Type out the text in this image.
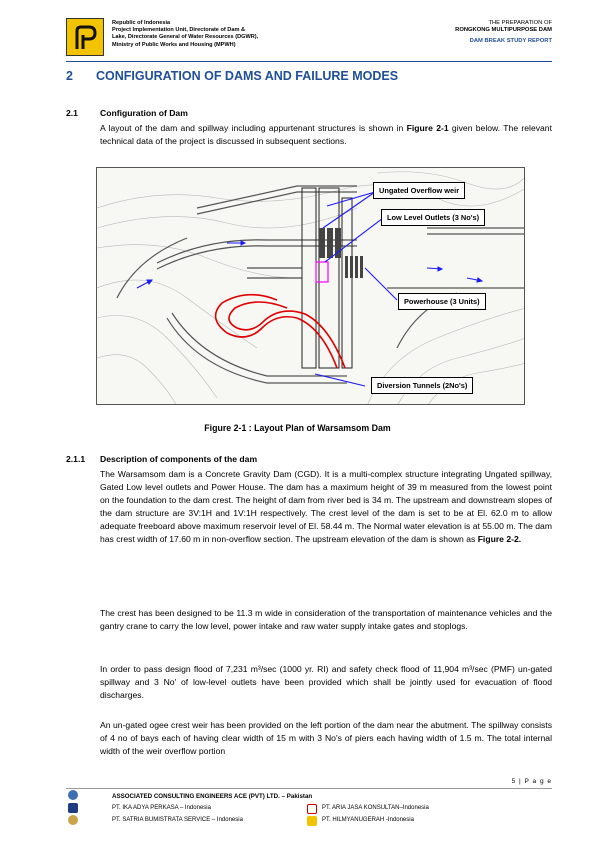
Republic of Indonesia
Project Implementation Unit, Directorate of Dam &
Lake, Directorate General of Water Resources (DGWR),
Ministry of Public Works and Housing (MPWH)
THE PREPARATION OF
RONGKONG MULTIPURPOSE DAM
DAM BREAK STUDY REPORT
2 CONFIGURATION OF DAMS AND FAILURE MODES
2.1	Configuration of Dam
A layout of the dam and spillway including appurtenant structures is shown in Figure 2-1 given below. The relevant technical data of the project is discussed in subsequent sections.
Ungated Overflow weir
Low Level Outlets (3 No's)
Powerhouse (3 Units)
Diversion Tunnels (2No's)
Figure 2-1 : Layout Plan of Warsamsom Dam
2.1.1 Description of components of the dam
The Warsamsom dam is a Concrete Gravity Dam (CGD). It is a multi-complex structure integrating Ungated spillway, Gated Low level outlets and Power House. The dam has a maximum height of 39 m measured from the lowest point on the foundation to the dam crest. The height of dam from river bed is 34 m. The upstream and downstream slopes of the dam structure are 3V:1H and 1V:1H respectively. The crest level of the dam is set to be at El. 62.0 m to allow adequate freeboard above maximum reservoir level of El. 58.44 m. The Normal water elevation is at 55.00 m. The dam has crest width of 17.60 m in non-overflow section. The upstream elevation of the dam is shown as Figure 2-2.
The crest has been designed to be 11.3 m wide in consideration of the transportation of maintenance vehicles and the gantry crane to carry the low level, power intake and raw water supply intake gates and stoplogs.
In order to pass design flood of 7,231 m³/sec (1000 yr. RI) and safety check flood of 11,904 m³/sec (PMF) un-gated spillway and 3 No' of low-level outlets have been provided which shall be jointly used for evacuation of flood discharges.
An un-gated ogee crest weir has been provided on the left portion of the dam near the abutment. The spillway consists of 4 no of bays each of having clear width of 15 m with 3 No's of piers each having width of 1.5 m. The total internal width of the weir overflow portion
5 | P a g e
ASSOCIATED CONSULTING ENGINEERS ACE (PVT) LTD. – Pakistan
PT. IKA ADYA PERKASA – Indonesia	PT. ARIA JASA KONSULTAN–Indonesia
PT. SATRIA BUMISTRATA SERVICE – Indonesia	PT. HILMYANUGERAH -Indonesia
